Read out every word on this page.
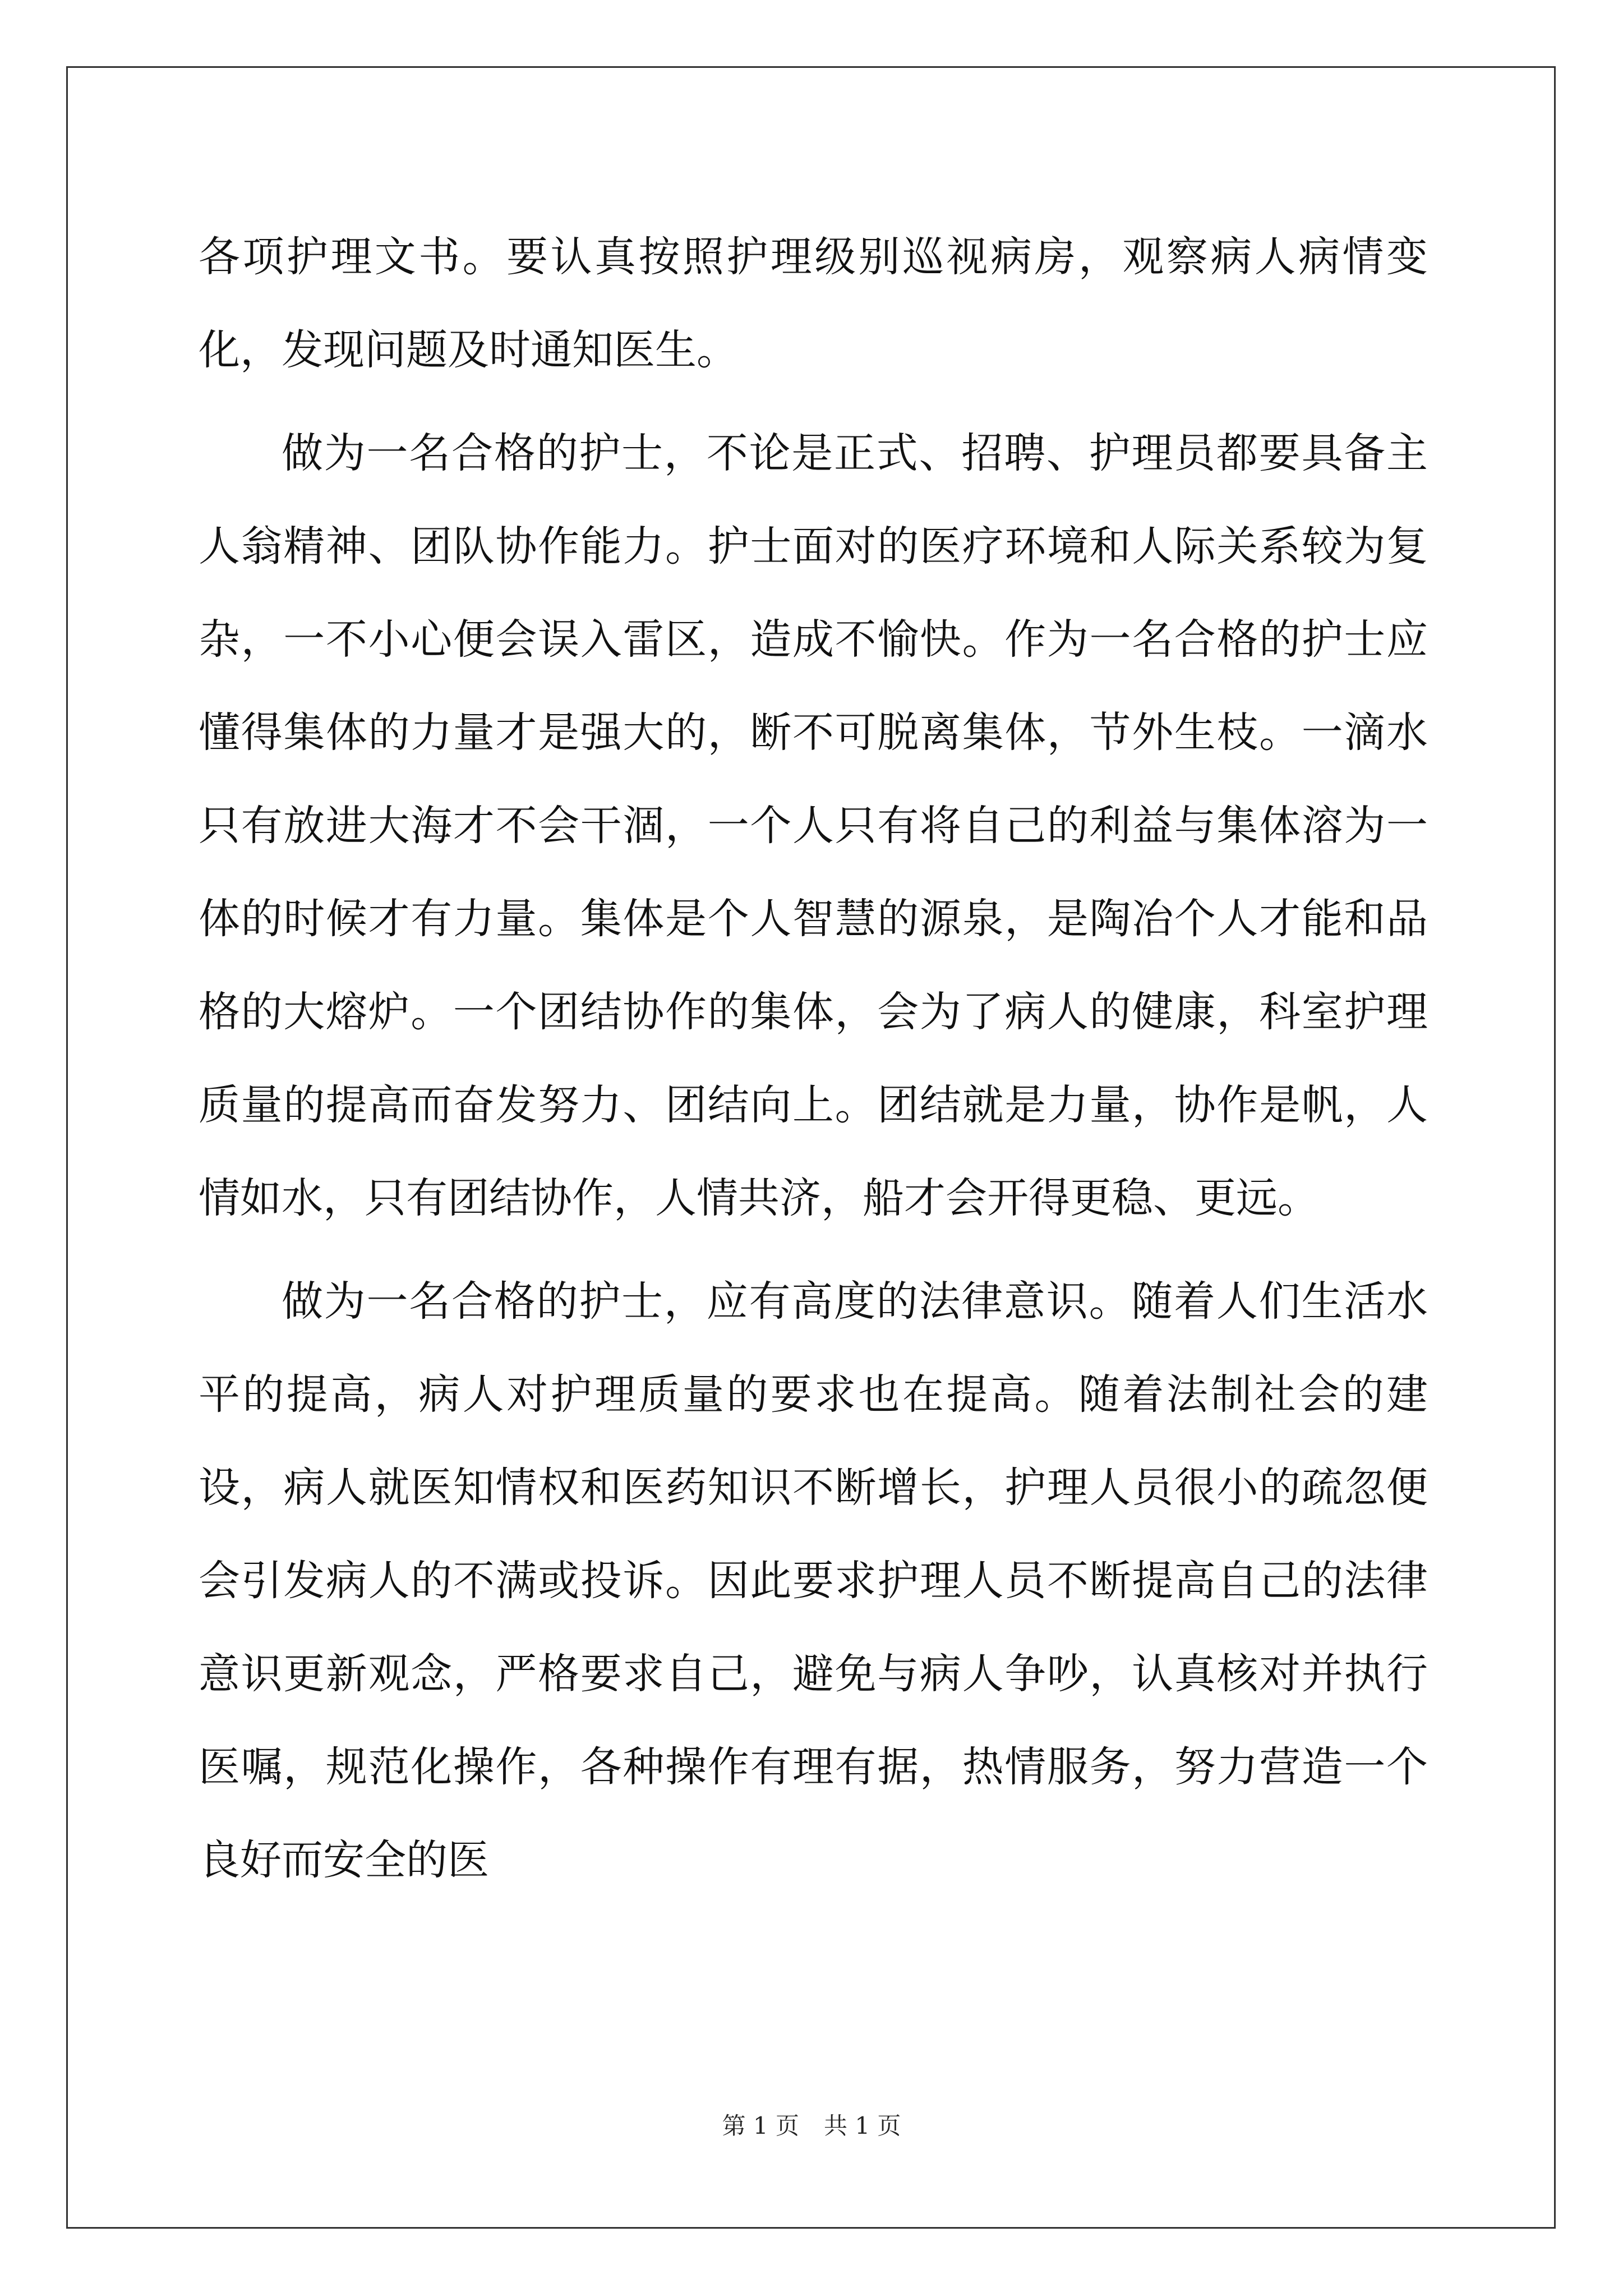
各项护理文书。要认真按照护理级别巡视病房，观察病人病情变化，发现问题及时通知医生。

做为一名合格的护士，不论是正式、招聘、护理员都要具备主人翁精神、团队协作能力。护士面对的医疗环境和人际关系较为复杂，一不小心便会误入雷区，造成不愉快。作为一名合格的护士应懂得集体的力量才是强大的，断不可脱离集体，节外生枝。一滴水只有放进大海才不会干涸，一个人只有将自己的利益与集体溶为一体的时候才有力量。集体是个人智慧的源泉，是陶冶个人才能和品格的大熔炉。一个团结协作的集体，会为了病人的健康，科室护理质量的提高而奋发努力、团结向上。团结就是力量，协作是帆，人情如水，只有团结协作，人情共济，船才会开得更稳、更远。

做为一名合格的护士，应有高度的法律意识。随着人们生活水平的提高，病人对护理质量的要求也在提高。随着法制社会的建设，病人就医知情权和医药知识不断增长，护理人员很小的疏忽便会引发病人的不满或投诉。因此要求护理人员不断提高自己的法律意识更新观念，严格要求自己，避免与病人争吵，认真核对并执行医嘱，规范化操作，各种操作有理有据，热情服务，努力营造一个良好而安全的医

第 1 页 共 1 页
